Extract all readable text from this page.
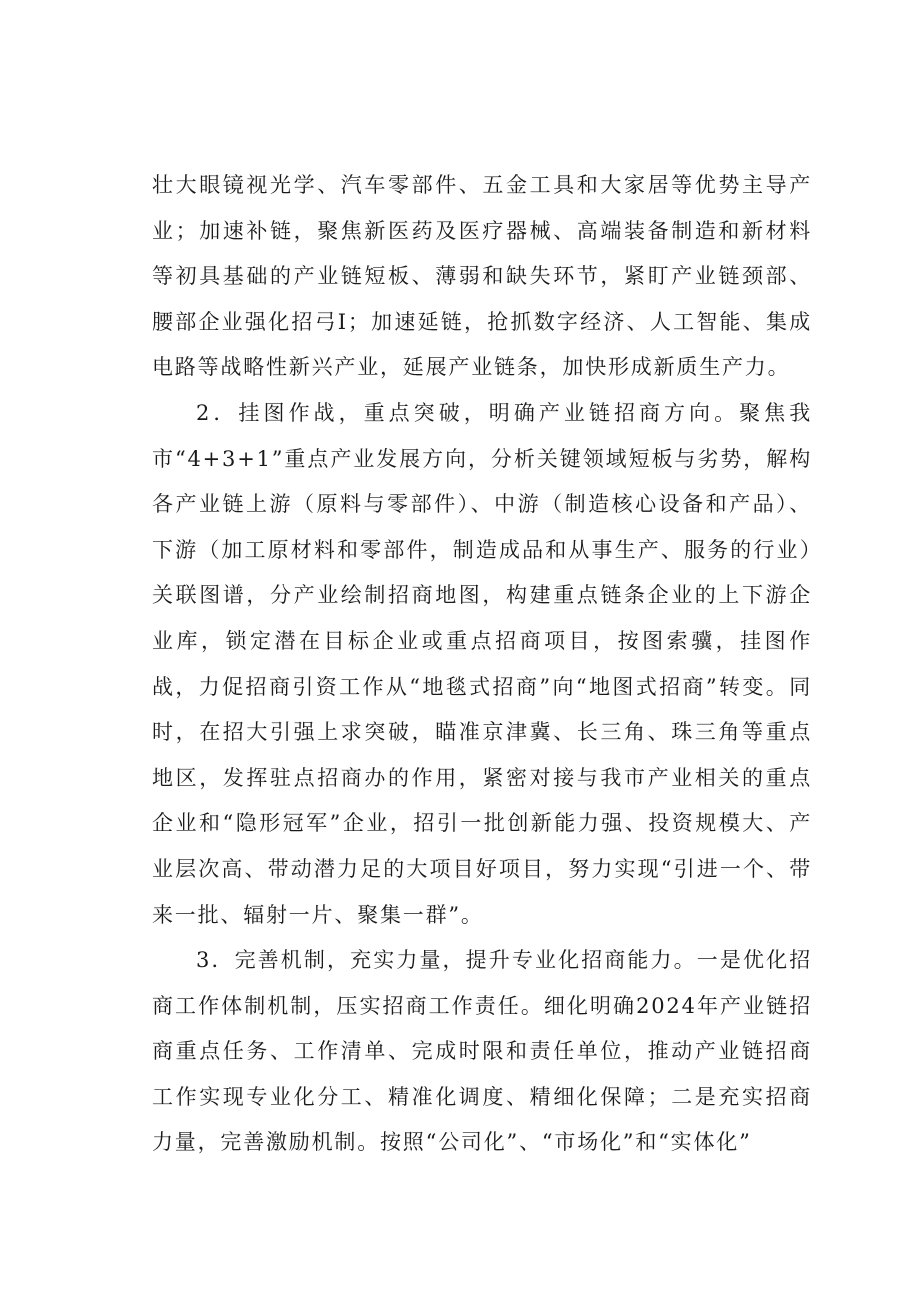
壮大眼镜视光学、汽车零部件、五金工具和大家居等优势主导产业；加速补链，聚焦新医药及医疗器械、高端装备制造和新材料等初具基础的产业链短板、薄弱和缺失环节，紧盯产业链颈部、腰部企业强化招弓I；加速延链，抢抓数字经济、人工智能、集成电路等战略性新兴产业，延展产业链条，加快形成新质生产力。

2．挂图作战，重点突破，明确产业链招商方向。聚焦我市“4+3+1”重点产业发展方向，分析关键领域短板与劣势，解构各产业链上游（原料与零部件）、中游（制造核心设备和产品）、下游（加工原材料和零部件，制造成品和从事生产、服务的行业）关联图谱，分产业绘制招商地图，构建重点链条企业的上下游企业库，锁定潜在目标企业或重点招商项目，按图索骥，挂图作战，力促招商引资工作从“地毯式招商”向“地图式招商”转变。同时，在招大引强上求突破，瞄准京津冀、长三角、珠三角等重点地区，发挥驻点招商办的作用，紧密对接与我市产业相关的重点企业和“隐形冠军”企业，招引一批创新能力强、投资规模大、产业层次高、带动潜力足的大项目好项目，努力实现“引进一个、带来一批、辐射一片、聚集一群”。

3．完善机制，充实力量，提升专业化招商能力。一是优化招商工作体制机制，压实招商工作责任。细化明确2024年产业链招商重点任务、工作清单、完成时限和责任单位，推动产业链招商工作实现专业化分工、精准化调度、精细化保障；二是充实招商力量，完善激励机制。按照“公司化”、“市场化”和“实体化”
